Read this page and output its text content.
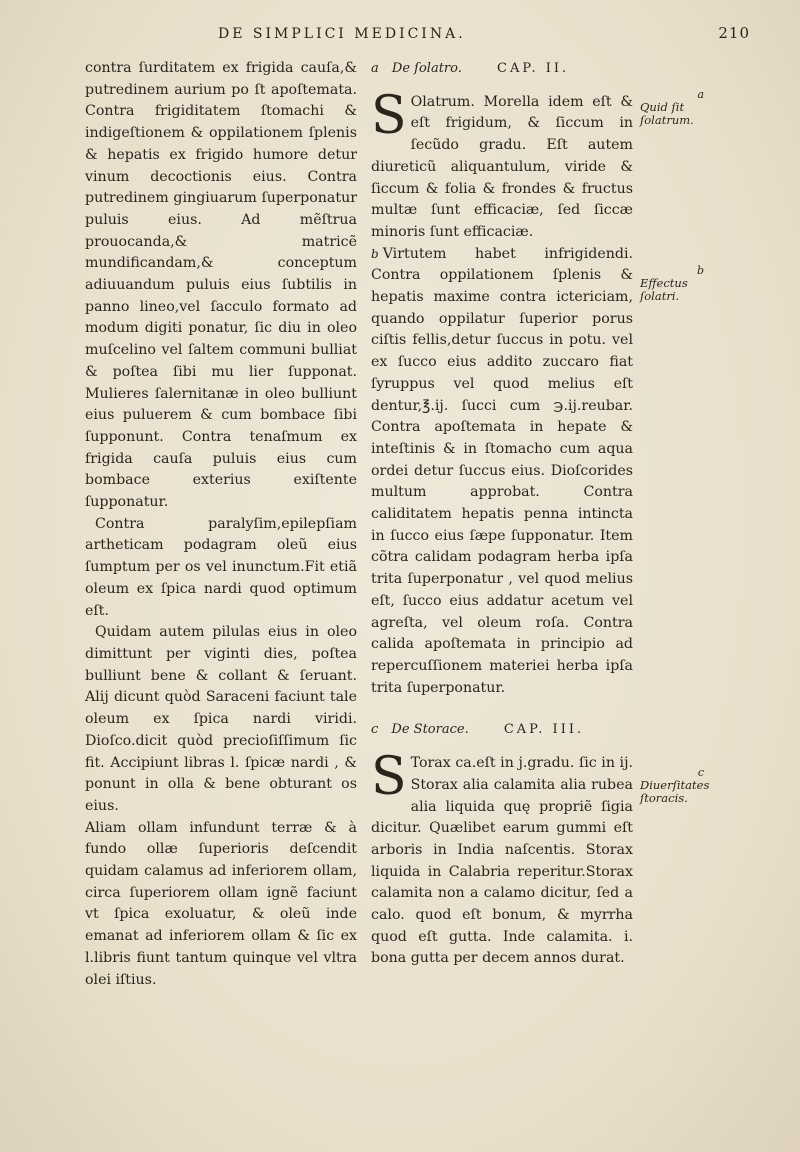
DE SIMPLICI MEDICINA.	210

contra ſurditatem ex frigida cauſa,& putredinem aurium po ſt apoſtemata. Contra frigiditatem ſtomachi & indigeſtionem & oppilationem ſplenis & hepatis ex frigido humore detur vinum decoctionis eius. Contra putredinem gingiuarum ſuperponatur puluis eius. Ad mẽſtrua prouocanda,& matricẽ mundificandam,& conceptum adiuuandum puluis eius ſubtilis in panno lineo,vel ſacculo formato ad modum digiti ponatur, ſic diu in oleo muſcelino vel ſaltem communi bulliat & poſtea ſibi mu lier ſupponat. Mulieres ſalernitanæ in oleo bulliunt eius puluerem & cum bombace ſibi ſupponunt. Contra tenaſmum ex frigida cauſa puluis eius cum bombace exterius exiſtente ſupponatur.

Contra paralyſim,epilepſiam artheticam podagram oleũ eius ſumptum per os vel inunctum.Fit etiã oleum ex ſpica nardi quod optimum eſt.

Quidam autem pilulas eius in oleo dimittunt per viginti dies, poſtea bulliunt bene & collant & ſeruant. Alij dicunt quòd Saraceni faciunt tale oleum ex ſpica nardi viridi. Dioſco.dicit quòd precioſiſſimum ſic fit. Accipiunt libras l. ſpicæ nardi , & ponunt in olla & bene obturant os eius.

Aliam ollam infundunt terræ & à fundo ollæ ſuperioris deſcendit quidam calamus ad inferiorem ollam, circa ſuperiorem ollam ignẽ faciunt vt ſpica exoluatur, & oleũ inde emanat ad inferiorem ollam & ſic ex l.libris fiunt tantum quinque vel vltra olei iſtius.

a De ſolatro.	CAP. II.

S Olatrum. Morella idem eſt & eſt frigidum, & ſiccum in ſecũdo gradu. Eſt autem diureticũ aliquantulum, viride & ſiccum & folia & frondes & fructus multæ ſunt efficaciæ, ſed ſiccæ minoris ſunt efficaciæ.

b Virtutem habet infrigidendi. Contra oppilationem ſplenis & hepatis maxime contra ictericiam, quando oppilatur ſuperior porus ciſtis fellis,detur ſuccus in potu. vel ex ſucco eius addito zuccaro fiat ſyruppus vel quod melius eſt dentur,℥.ij. ſucci cum ℈.ij.reubar. Contra apoſtemata in hepate & inteſtinis & in ſtomacho cum aqua ordei detur ſuccus eius. Dioſcorides multum approbat. Contra caliditatem hepatis penna intincta in ſucco eius ſæpe ſupponatur. Item cõtra calidam podagram herba ipſa trita ſuperponatur , vel quod melius eſt, ſucco eius addatur acetum vel agreſta, vel oleum roſa. Contra calida apoſtemata in principio ad repercuſſionem materiei herba ipſa trita ſuperponatur.

c De Storace.	CAP. III.

S Torax ca.eſt in j.gradu. ſic in ij. Storax alia calamita alia rubea alia liquida quę propriẽ ſigia dicitur. Quælibet earum gummi eſt arboris in India naſcentis. Storax liquida in Calabria reperitur.Storax calamita non a calamo dicitur, ſed a calo. quod eſt bonum, & myrrha quod eſt gutta. Inde calamita. i. bona gutta per decem annos durat.

a
Quid ſit ſolatrum.
b
Effectus ſolatri.
c
Diuerſitates ſtoracis.
